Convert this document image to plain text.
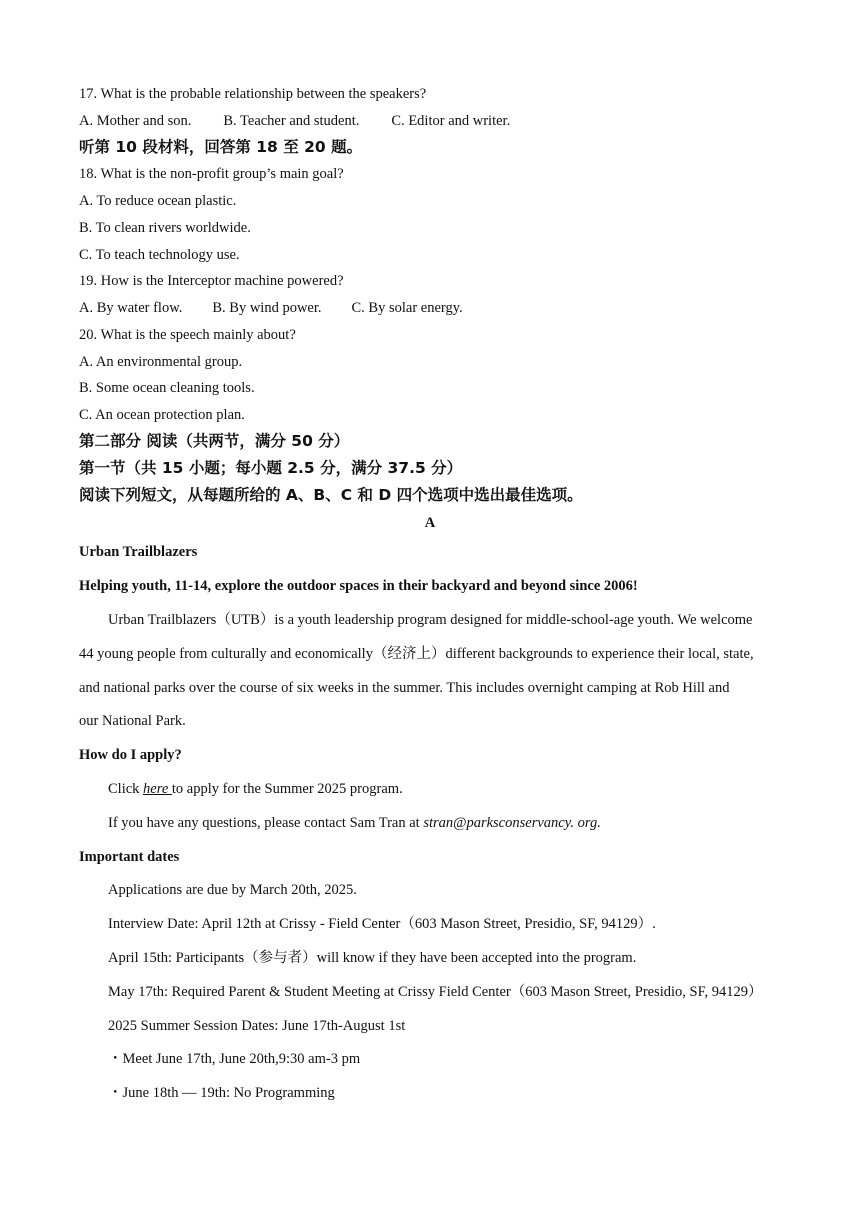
17. What is the probable relationship between the speakers?
A. Mother and son. B. Teacher and student. C. Editor and writer.
听第 10 段材料，回答第 18 至 20 题。
18. What is the non-profit group’s main goal?
A. To reduce ocean plastic.
B. To clean rivers worldwide.
C. To teach technology use.
19. How is the Interceptor machine powered?
A. By water flow. B. By wind power. C. By solar energy.
20. What is the speech mainly about?
A. An environmental group.
B. Some ocean cleaning tools.
C. An ocean protection plan.
第二部分 阅读（共两节，满分 50 分）
第一节（共 15 小题；每小题 2.5 分，满分 37.5 分）
阅读下列短文，从每题所给的 A、B、C 和 D 四个选项中选出最佳选项。
A
Urban Trailblazers
Helping youth, 11-14, explore the outdoor spaces in their backyard and beyond since 2006!
Urban Trailblazers（UTB）is a youth leadership program designed for middle-school-age youth. We welcome
44 young people from culturally and economically（经济上）different backgrounds to experience their local, state,
and national parks over the course of six weeks in the summer. This includes overnight camping at Rob Hill and
our National Park.
How do I apply?
Click here to apply for the Summer 2025 program.
If you have any questions, please contact Sam Tran at stran@parksconservancy. org.
Important dates
Applications are due by March 20th, 2025.
Interview Date: April 12th at Crissy - Field Center（603 Mason Street, Presidio, SF, 94129）.
April 15th: Participants（参与者）will know if they have been accepted into the program.
May 17th: Required Parent & Student Meeting at Crissy Field Center（603 Mason Street, Presidio, SF, 94129）
2025 Summer Session Dates: June 17th-August 1st
・Meet June 17th, June 20th,9:30 am-3 pm
・June 18th — 19th: No Programming
